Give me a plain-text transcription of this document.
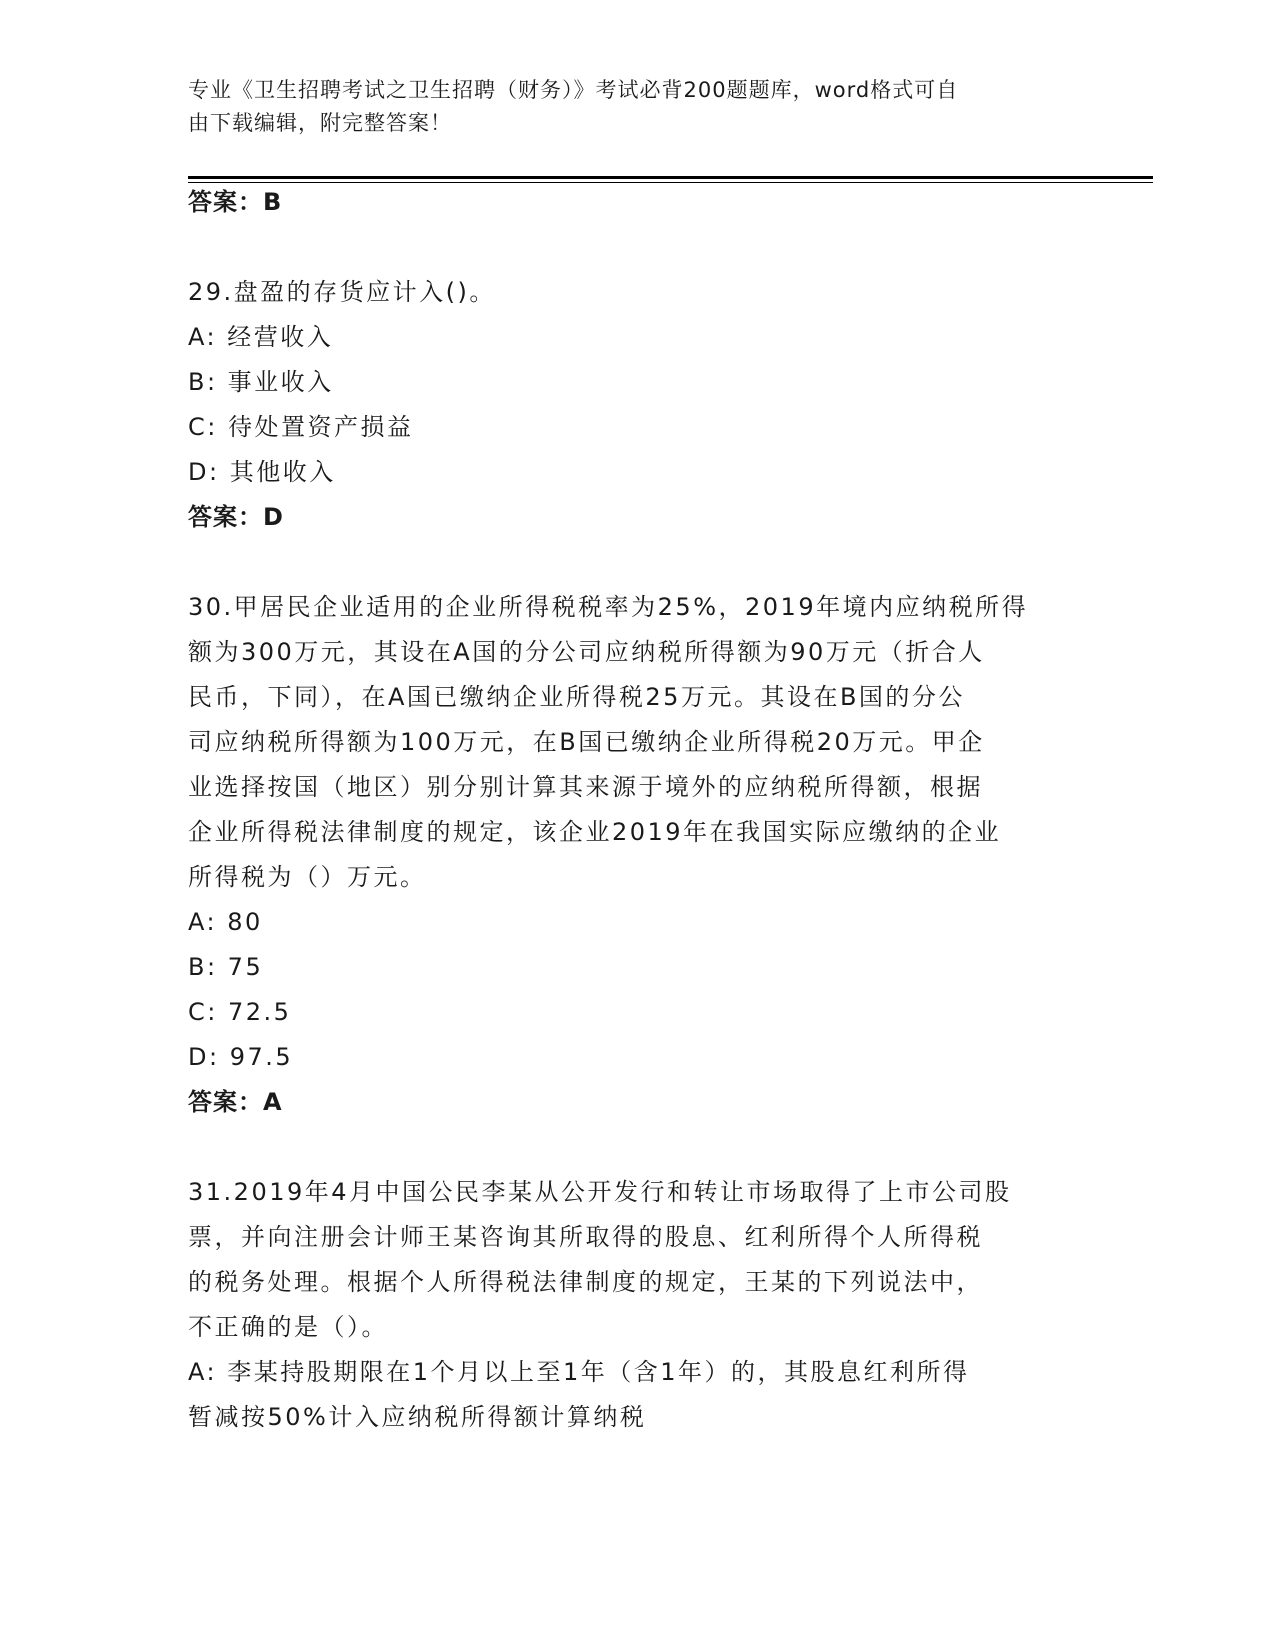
专业《卫生招聘考试之卫生招聘（财务）》考试必背200题题库，word格式可自
由下载编辑，附完整答案！
答案：B
29.盘盈的存货应计入()。
A: 经营收入
B: 事业收入
C: 待处置资产损益
D: 其他收入
答案：D
30.甲居民企业适用的企业所得税税率为25%，2019年境内应纳税所得
额为300万元，其设在A国的分公司应纳税所得额为90万元（折合人
民币，下同），在A国已缴纳企业所得税25万元。其设在B国的分公
司应纳税所得额为100万元，在B国已缴纳企业所得税20万元。甲企
业选择按国（地区）别分别计算其来源于境外的应纳税所得额，根据
企业所得税法律制度的规定，该企业2019年在我国实际应缴纳的企业
所得税为（）万元。
A: 80
B: 75
C: 72.5
D: 97.5
答案：A
31.2019年4月中国公民李某从公开发行和转让市场取得了上市公司股
票，并向注册会计师王某咨询其所取得的股息、红利所得个人所得税
的税务处理。根据个人所得税法律制度的规定，王某的下列说法中，
不正确的是（）。
A: 李某持股期限在1个月以上至1年（含1年）的，其股息红利所得
暂减按50%计入应纳税所得额计算纳税
